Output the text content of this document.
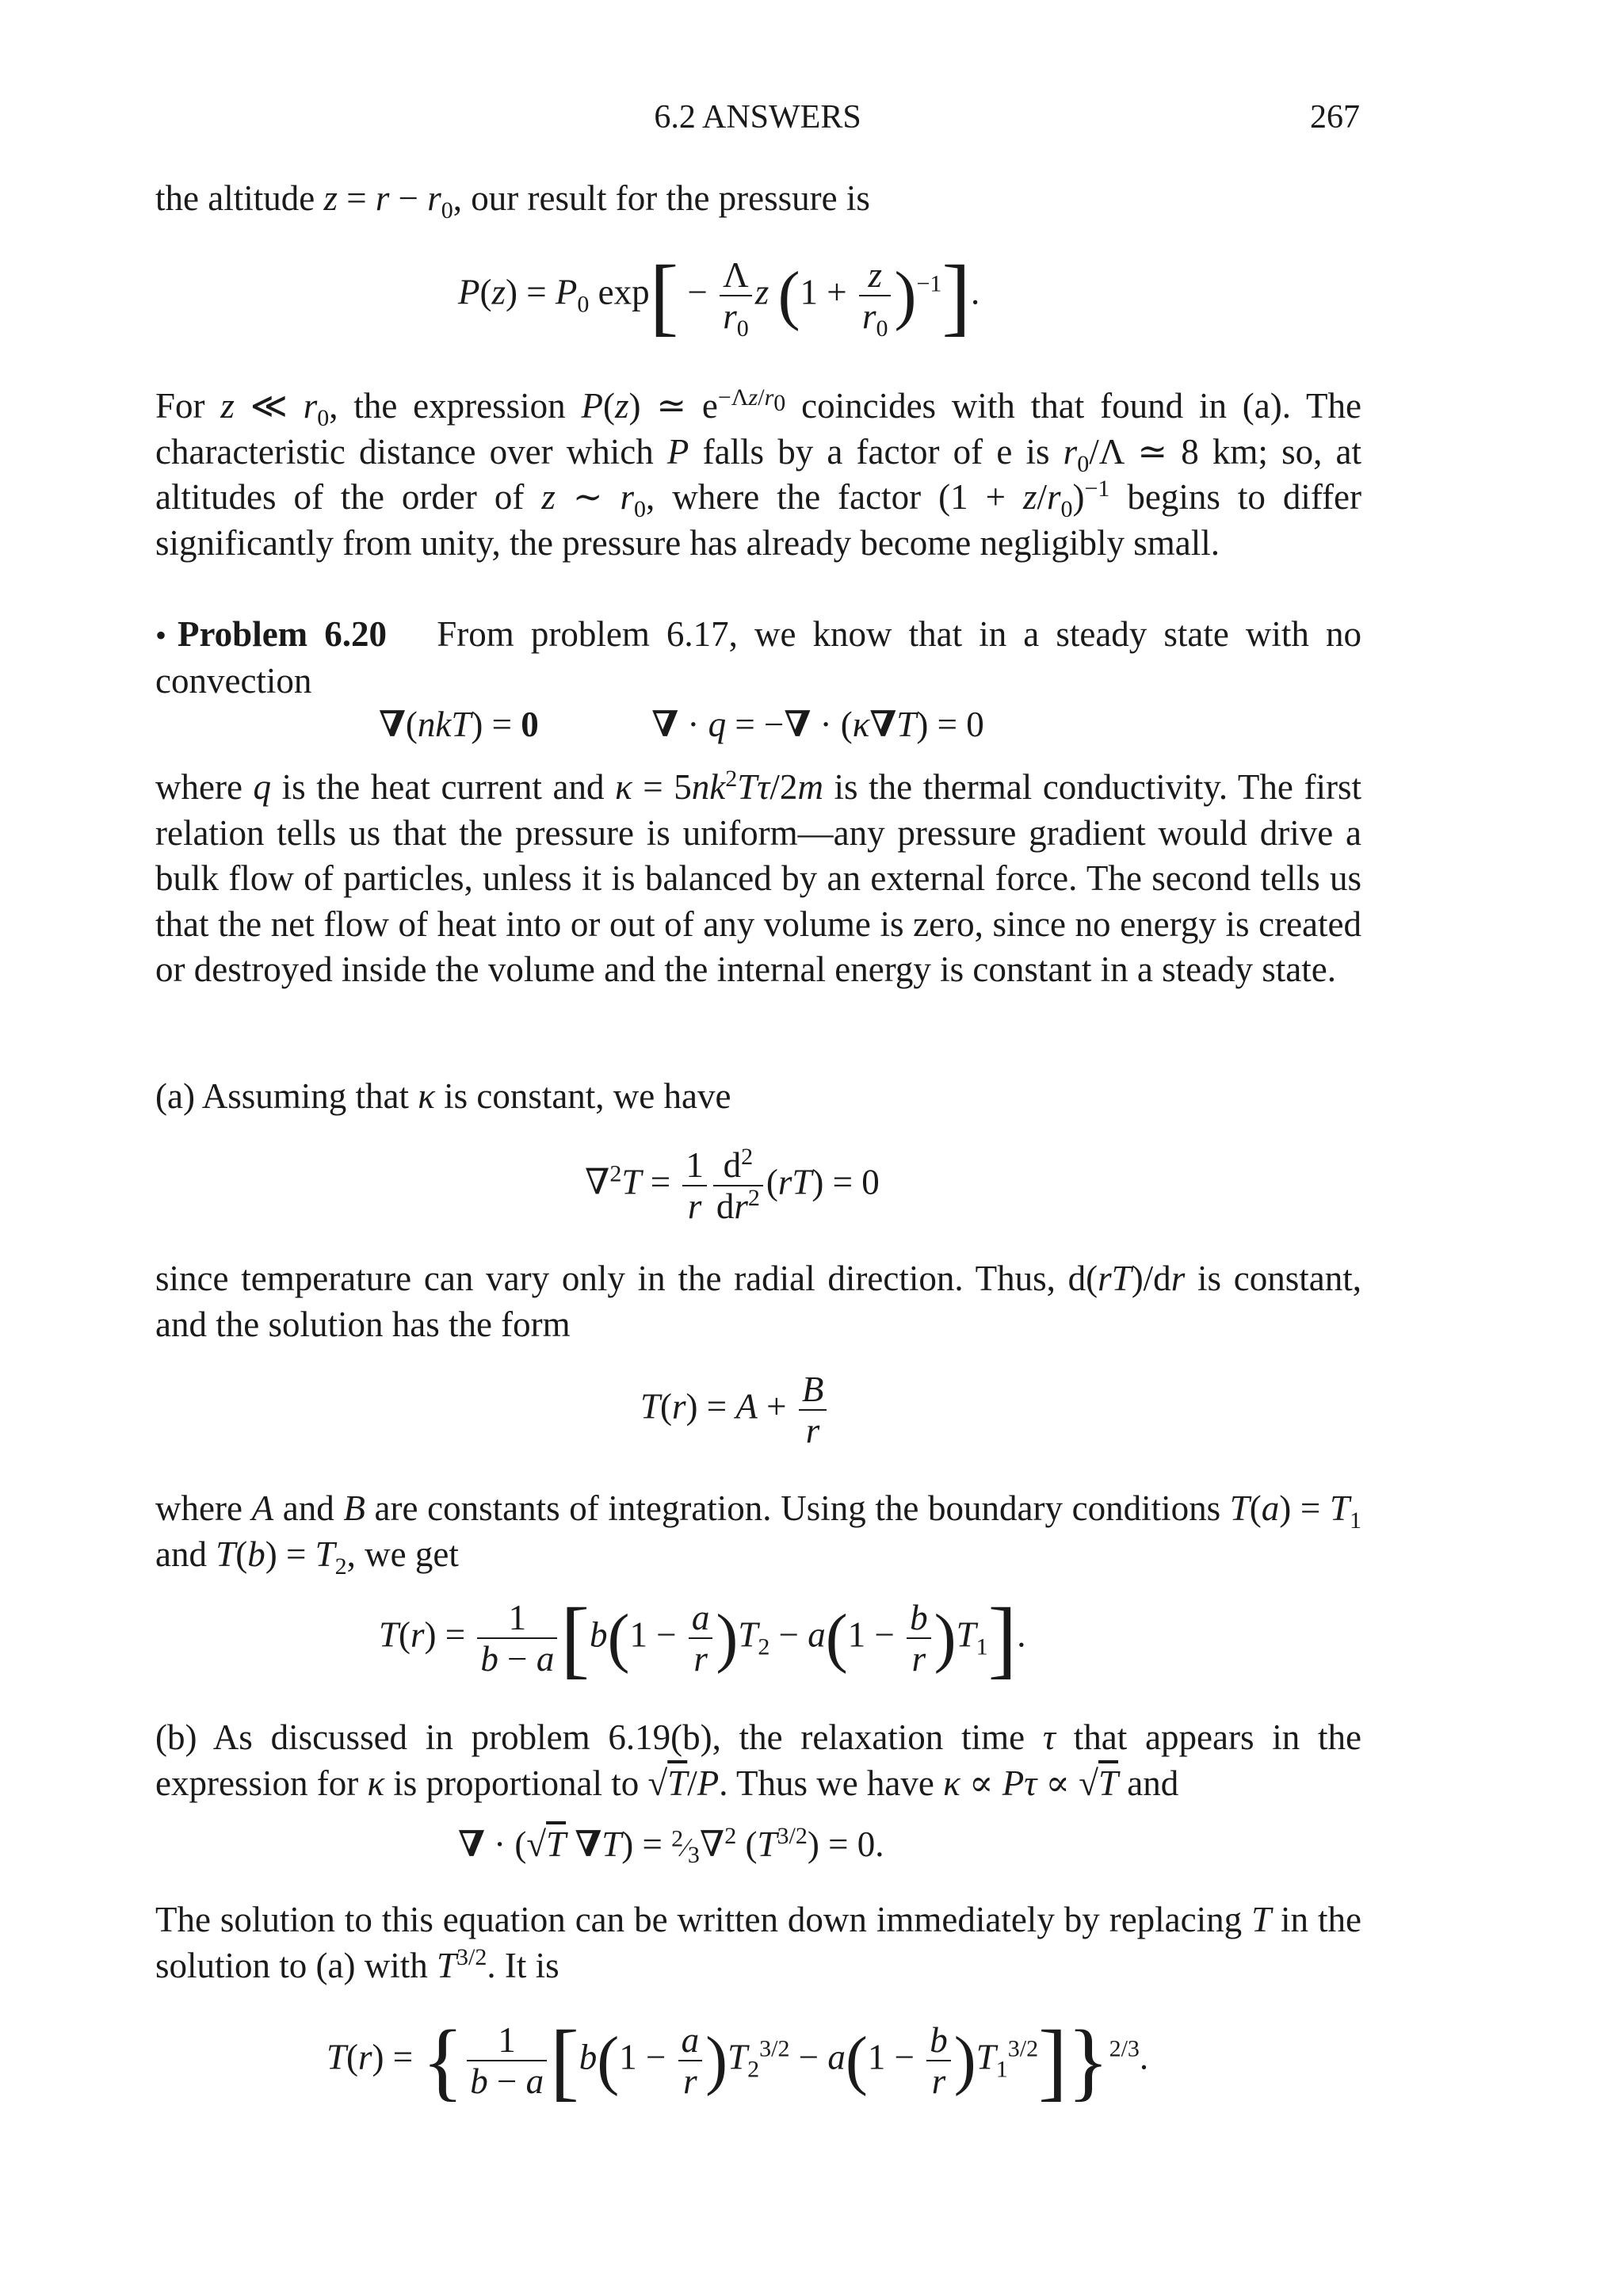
6.2 ANSWERS	267
the altitude $z = r - r_0$, our result for the pressure is
$P(z) = P_0$ $\exp[ - \frac{\Lambda}{r_0}$ z $(1 + \frac{z}{r_0} )^{-1}$].
For z ≪ $r_0$, the expression P(z) ≃ $e^{-\Lambda z/r_0}$ coincides with that found in (a). The characteristic distance over which P falls by a factor of e is $r_0/\Lambda$ ≃ 8 km; so, at altitudes of the order of z ∼ $r_0$, where the factor $(1 + z/r_0)^{-1}$ begins to differ significantly from unity, the pressure has already become negligibly small.
• Problem 6.20 From problem 6.17, we know that in a steady state with no convection
∇(nkT) = 0	∇ · q = −∇ · (κ∇T) = 0
where q is the heat current and $\kappa = 5nk^2T\tau/2m$ is the thermal conductivity. The first relation tells us that the pressure is uniform—any pressure gradient would drive a bulk flow of particles, unless it is balanced by an external force. The second tells us that the net flow of heat into or out of any volume is zero, since no energy is created or destroyed inside the volume and the internal energy is constant in a steady state.
(a) Assuming that κ is constant, we have
$\nabla^2T = \frac{1}{r} \frac{d^2}{dr^2} (rT) = 0$
since temperature can vary only in the radial direction. Thus, d(rT)/dr is constant, and the solution has the form
$T(r) = A + \frac{B}{r}$
where A and B are constants of integration. Using the boundary conditions $T(a) = T_1$ and $T(b) = T_2$, we get
$T(r) = \frac{1}{b - a} [b(1 - \frac{a}{r} )T_2 - a(1 - \frac{b}{r} )T_1]$.
(b) As discussed in problem 6.19(b), the relaxation time τ that appears in the expression for κ is proportional to √T/P. Thus we have κ ∝ Pτ ∝ √T and
∇ · (√T $\nabla T) = ^2⁄_3\nabla^2$ $(T^{3/2}) = 0$.
The solution to this equation can be written down immediately by replacing T in the solution to (a) with $T^{3/2}$. It is
T(r) = { $\frac{1}{b - a} [b(1 - \frac{a}{r} )T_2^{3/2} - a(1 - \frac{b}{r} )T_1^{3/2}]\}^{2/3}$.
